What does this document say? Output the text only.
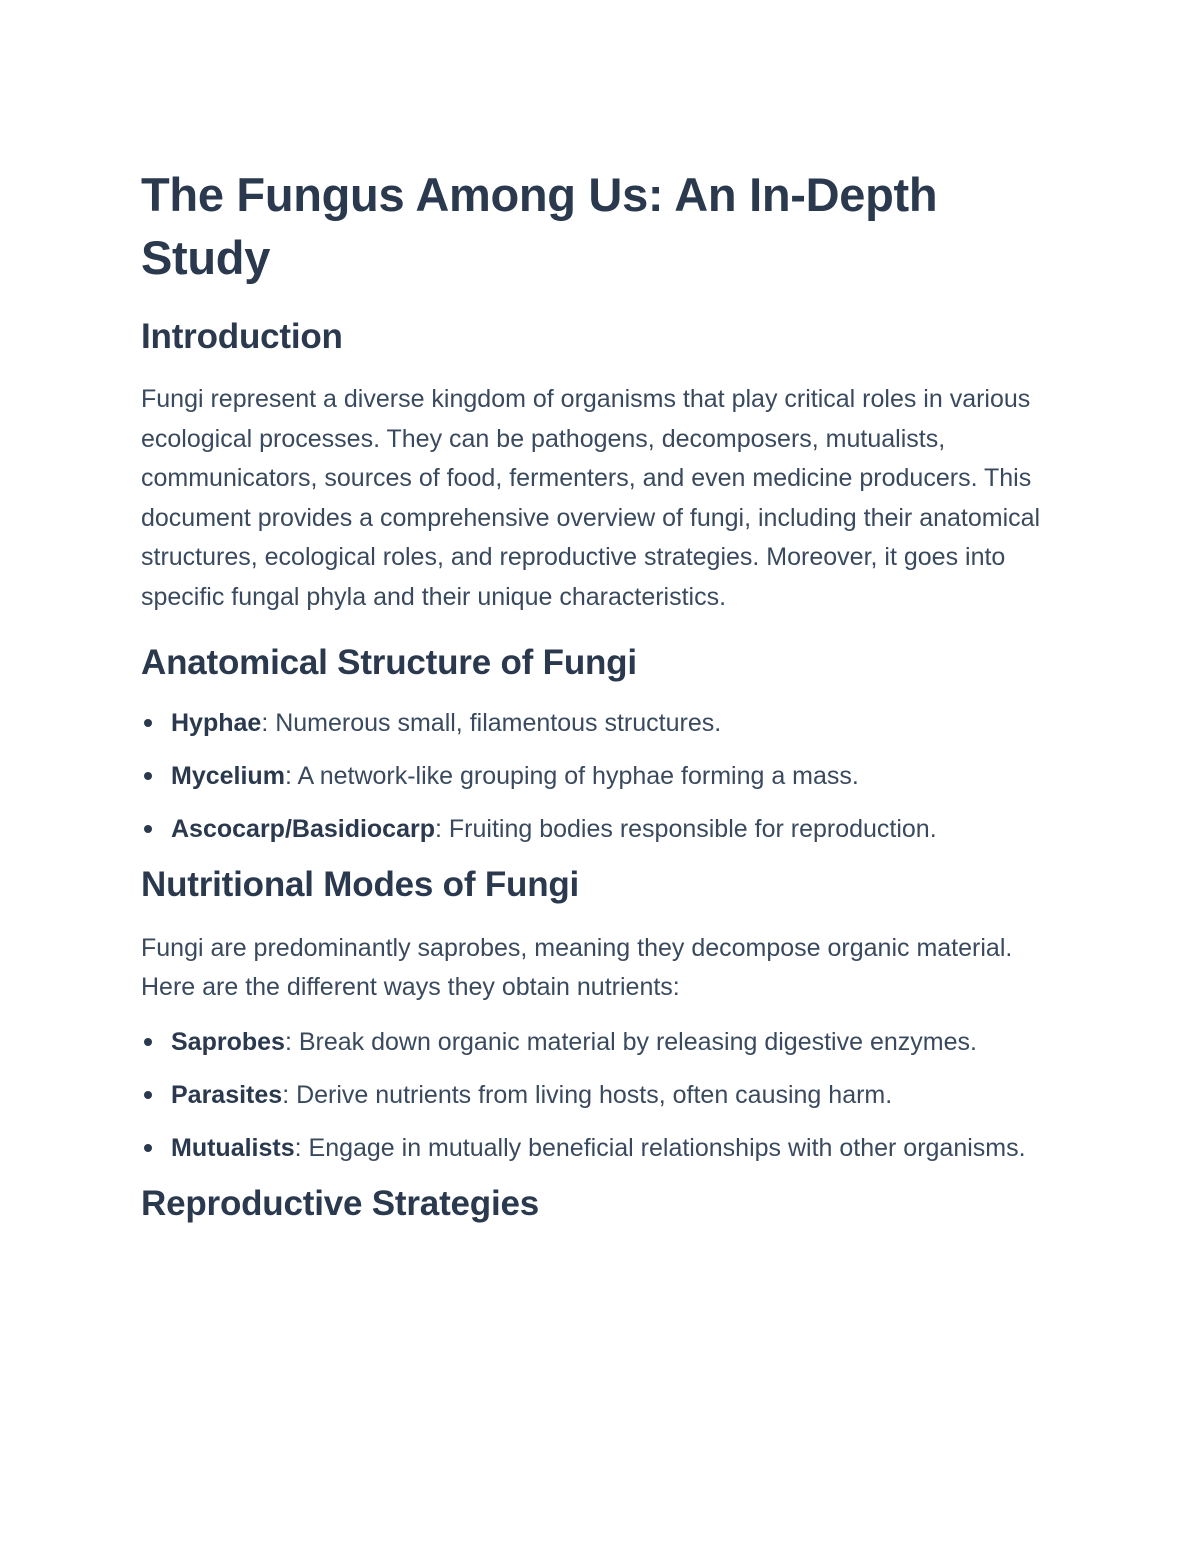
The Fungus Among Us: An In-Depth Study
Introduction

Fungi represent a diverse kingdom of organisms that play critical roles in various ecological processes. They can be pathogens, decomposers, mutualists, communicators, sources of food, fermenters, and even medicine producers. This document provides a comprehensive overview of fungi, including their anatomical structures, ecological roles, and reproductive strategies. Moreover, it goes into specific fungal phyla and their unique characteristics.

Anatomical Structure of Fungi
Hyphae: Numerous small, filamentous structures.
Mycelium: A network-like grouping of hyphae forming a mass.
Ascocarp/Basidiocarp: Fruiting bodies responsible for reproduction.
Nutritional Modes of Fungi

Fungi are predominantly saprobes, meaning they decompose organic material. Here are the different ways they obtain nutrients:

Saprobes: Break down organic material by releasing digestive enzymes.
Parasites: Derive nutrients from living hosts, often causing harm.
Mutualists: Engage in mutually beneficial relationships with other organisms.
Reproductive Strategies
